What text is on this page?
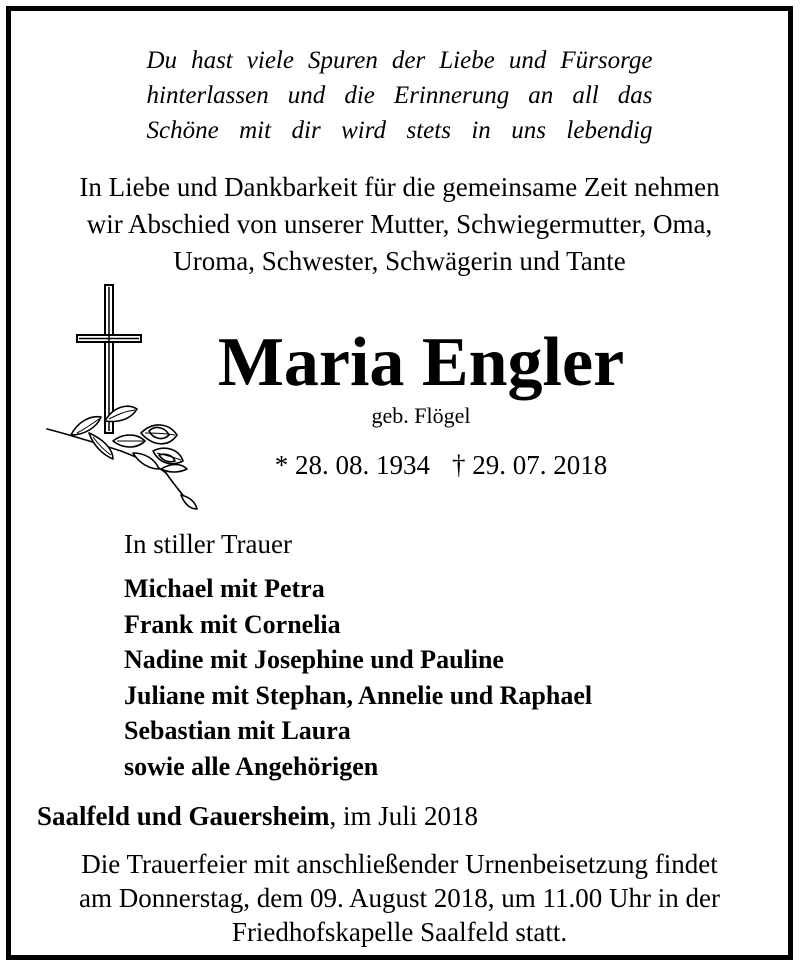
Du hast viele Spuren der Liebe und Fürsorge
hinterlassen und die Erinnerung an all das
Schöne mit dir wird stets in uns lebendig
In Liebe und Dankbarkeit für die gemeinsame Zeit nehmen
wir Abschied von unserer Mutter, Schwiegermutter, Oma,
Uroma, Schwester, Schwägerin und Tante
Maria Engler
geb. Flögel
* 28. 08. 1934 † 29. 07. 2018
In stiller Trauer
Michael mit Petra
Frank mit Cornelia
Nadine mit Josephine und Pauline
Juliane mit Stephan, Annelie und Raphael
Sebastian mit Laura
sowie alle Angehörigen
Saalfeld und Gauersheim, im Juli 2018
Die Trauerfeier mit anschließender Urnenbeisetzung findet
am Donnerstag, dem 09. August 2018, um 11.00 Uhr in der
Friedhofskapelle Saalfeld statt.
